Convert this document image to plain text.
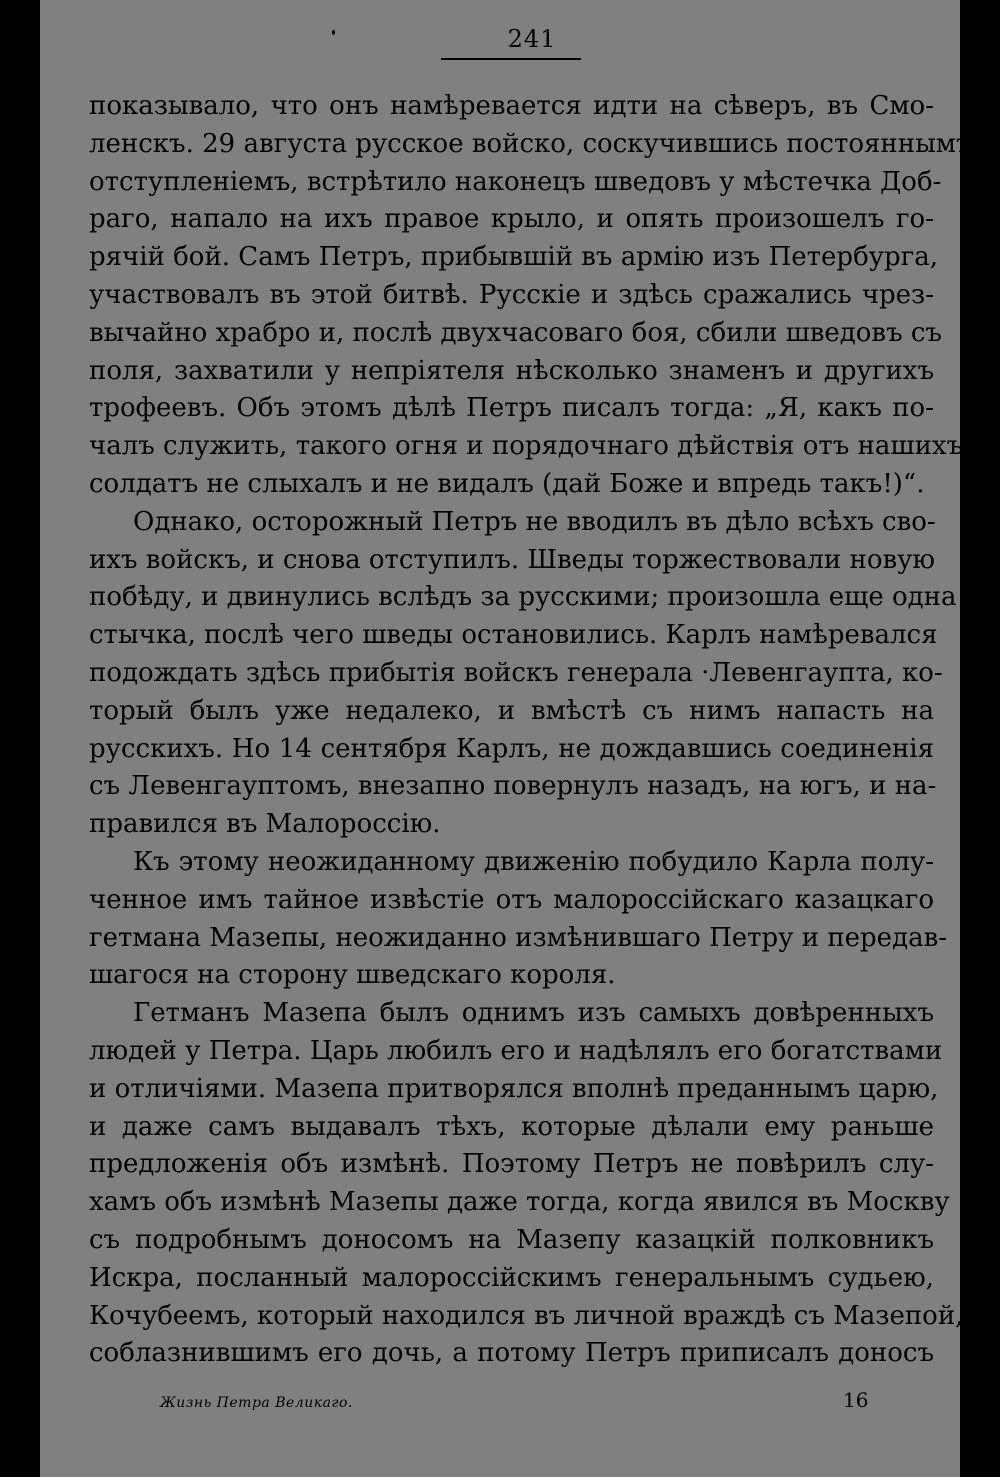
241
показывало, что онъ намѣревается идти на сѣверъ, въ Смо-
ленскъ. 29 августа русское войско, соскучившись постояннымъ
отступленіемъ, встрѣтило наконецъ шведовъ у мѣстечка Доб-
раго, напало на ихъ правое крыло, и опять произошелъ го-
рячій бой. Самъ Петръ, прибывшій въ армію изъ Петербурга,
участвовалъ въ этой битвѣ. Русскіе и здѣсь сражались чрез-
вычайно храбро и, послѣ двухчасоваго боя, сбили шведовъ съ
поля, захватили у непріятеля нѣсколько знаменъ и другихъ
трофеевъ. Объ этомъ дѣлѣ Петръ писалъ тогда: „Я, какъ по-
чалъ служить, такого огня и порядочнаго дѣйствія отъ нашихъ
солдатъ не слыхалъ и не видалъ (дай Боже и впредь такъ!)“.
Однако, осторожный Петръ не вводилъ въ дѣло всѣхъ сво-
ихъ войскъ, и снова отступилъ. Шведы торжествовали новую
побѣду, и двинулись вслѣдъ за русскими; произошла еще одна
стычка, послѣ чего шведы остановились. Карлъ намѣревался
подождать здѣсь прибытія войскъ генерала ·Левенгаупта, ко-
торый былъ уже недалеко, и вмѣстѣ съ нимъ напасть на
русскихъ. Но 14 сентября Карлъ, не дождавшись соединенія
съ Левенгауптомъ, внезапно повернулъ назадъ, на югъ, и на-
правился въ Малороссію.
Къ этому неожиданному движенію побудило Карла полу-
ченное имъ тайное извѣстіе отъ малороссійскаго казацкаго
гетмана Мазепы, неожиданно измѣнившаго Петру и передав-
шагося на сторону шведскаго короля.
Гетманъ Мазепа былъ однимъ изъ самыхъ довѣренныхъ
людей у Петра. Царь любилъ его и надѣлялъ его богатствами
и отличіями. Мазепа притворялся вполнѣ преданнымъ царю,
и даже самъ выдавалъ тѣхъ, которые дѣлали ему раньше
предложенія объ измѣнѣ. Поэтому Петръ не повѣрилъ слу-
хамъ объ измѣнѣ Мазепы даже тогда, когда явился въ Москву
съ подробнымъ доносомъ на Мазепу казацкій полковникъ
Искра, посланный малороссійскимъ генеральнымъ судьею,
Кочубеемъ, который находился въ личной враждѣ съ Мазепой,
соблазнившимъ его дочь, а потому Петръ приписалъ доносъ
Жизнь Петра Великаго.	16
